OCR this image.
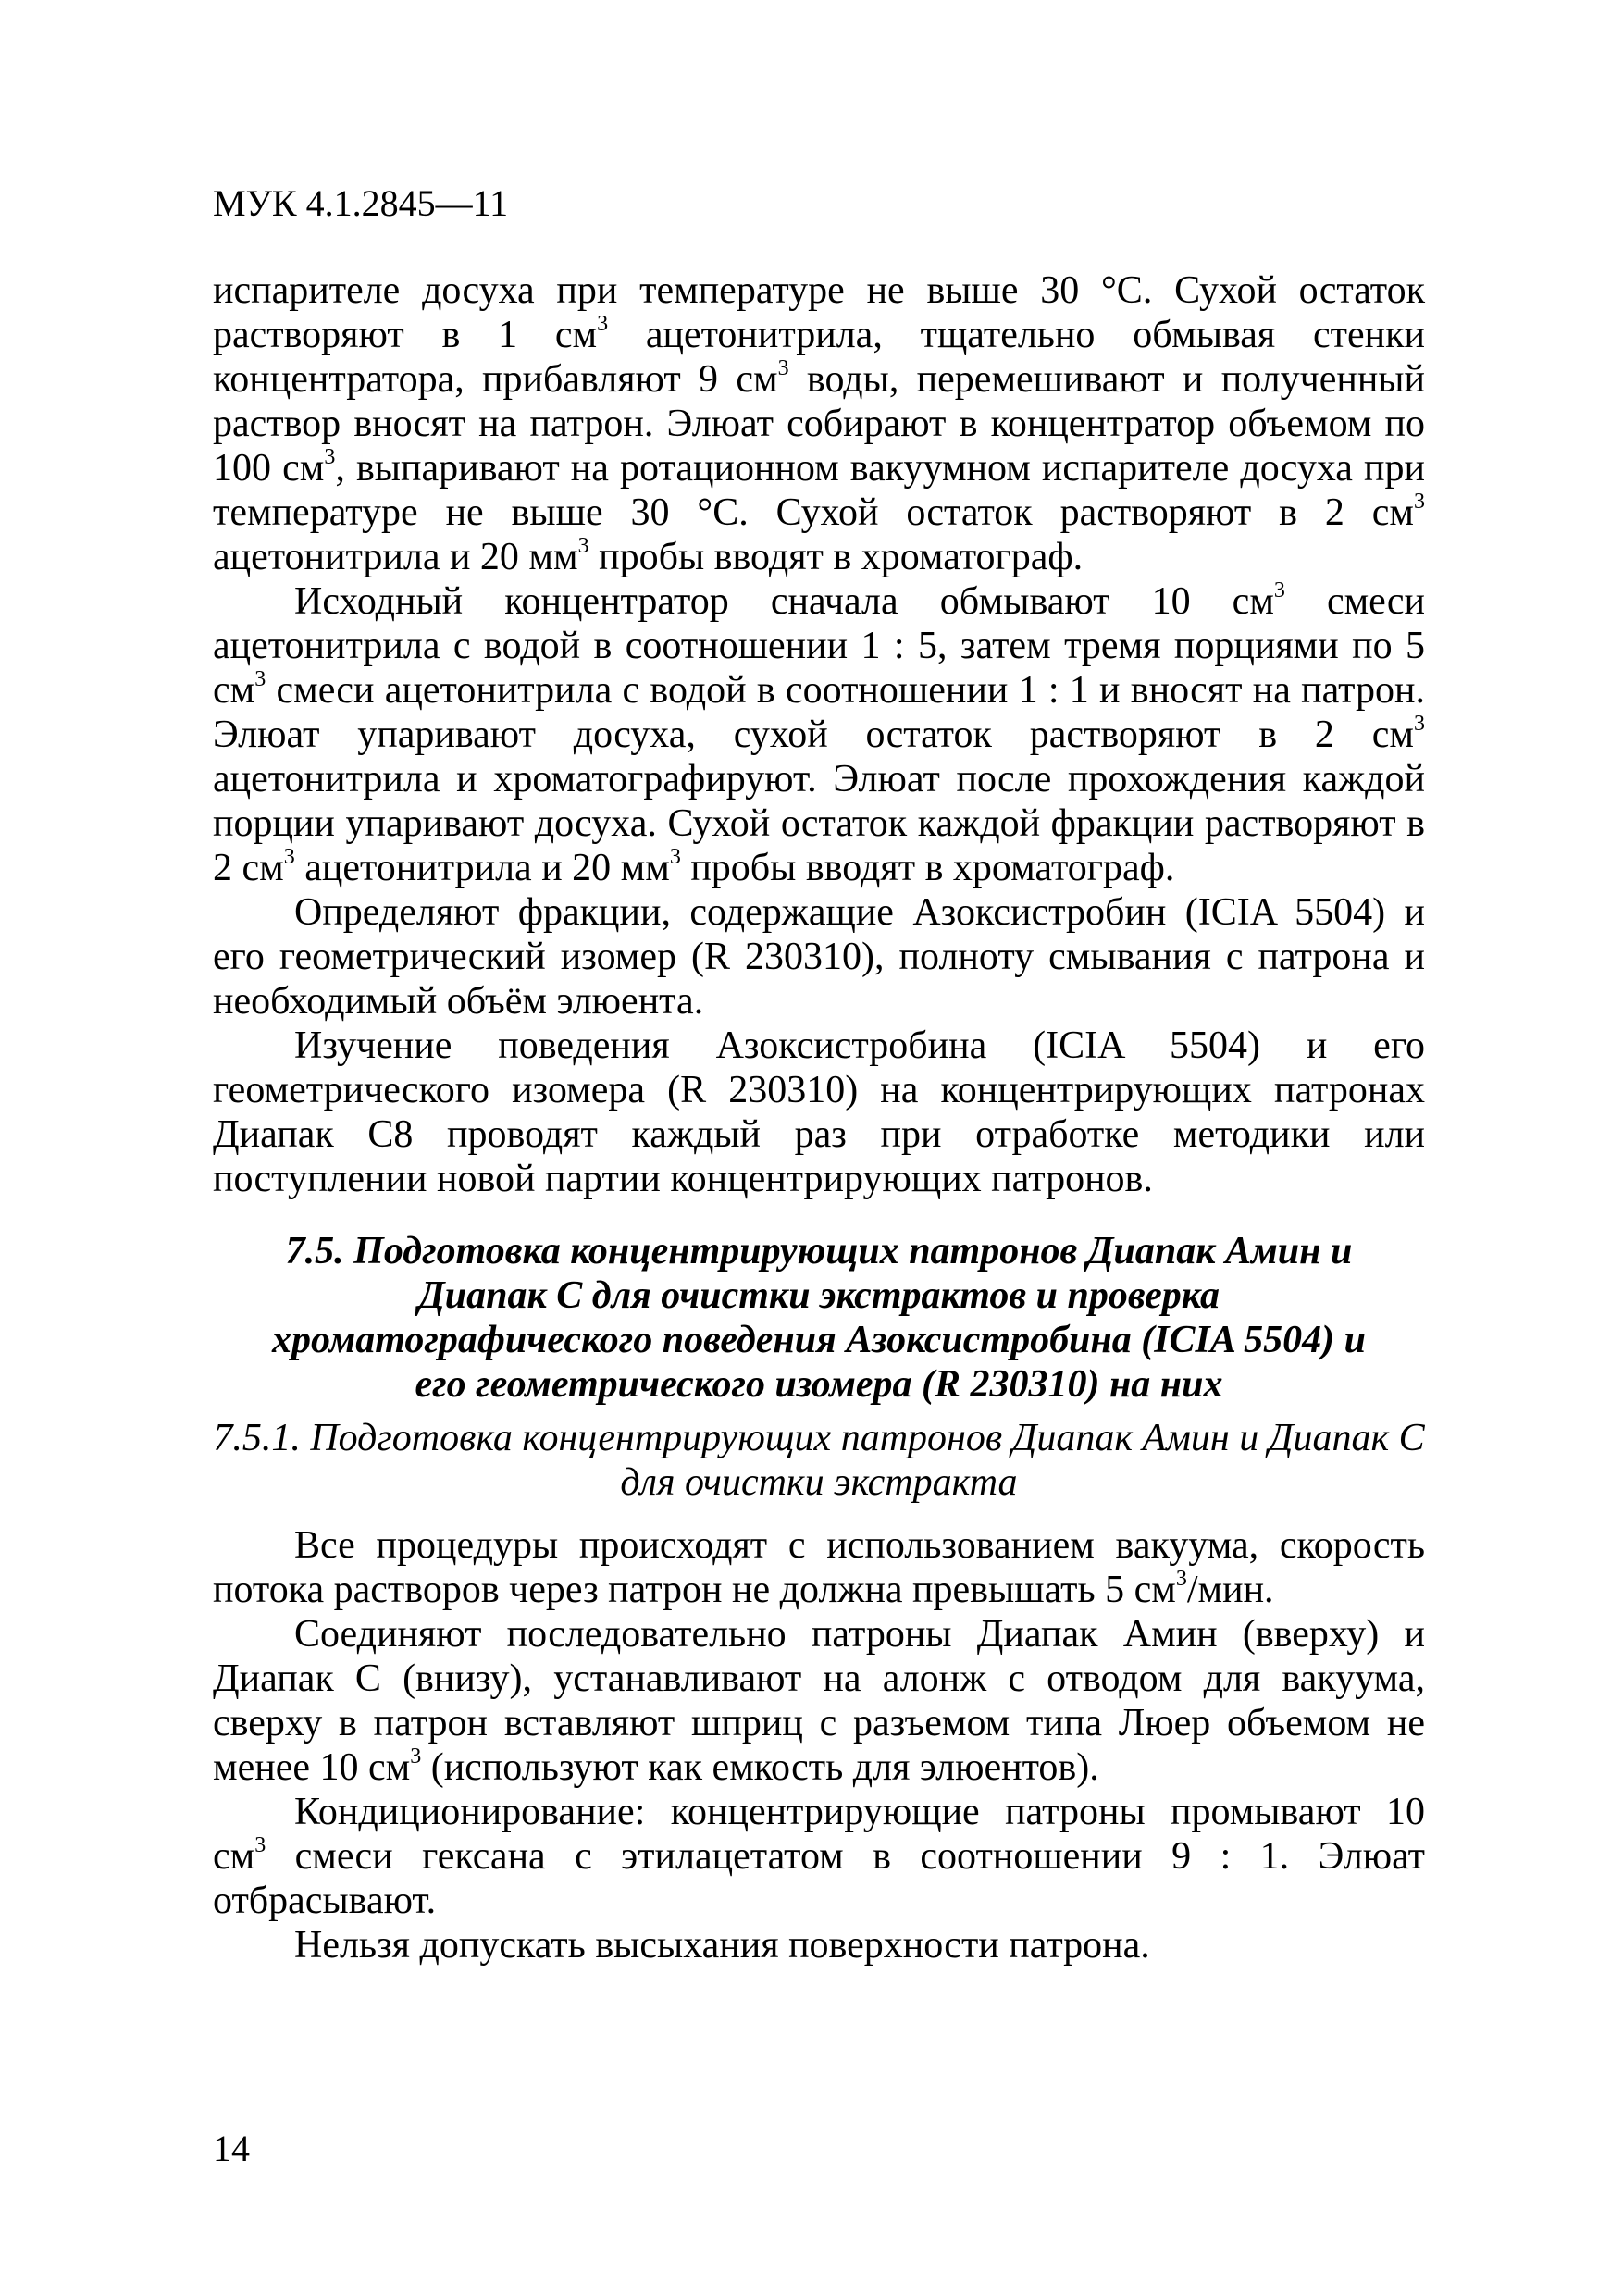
МУК 4.1.2845—11

испарителе досуха при температуре не выше 30 °С. Сухой остаток растворяют в 1 $см^3$ ацетонитрила, тщательно обмывая стенки концентратора, прибавляют 9 $см^3$ воды, перемешивают и полученный раствор вносят на патрон. Элюат собирают в концентратор объемом по 100 $см^3$, выпаривают на ротационном вакуумном испарителе досуха при температуре не выше 30 °С. Сухой остаток растворяют в 2 $см^3$ ацетонитрила и 20 $мм^3$ пробы вводят в хроматограф.

Исходный концентратор сначала обмывают 10 $см^3$ смеси ацетонитрила с водой в соотношении 1 : 5, затем тремя порциями по 5 $см^3$ смеси ацетонитрила с водой в соотношении 1 : 1 и вносят на патрон. Элюат упаривают досуха, сухой остаток растворяют в 2 $см^3$ ацетонитрила и хроматографируют. Элюат после прохождения каждой порции упаривают досуха. Сухой остаток каждой фракции растворяют в 2 $см^3$ ацетонитрила и 20 $мм^3$ пробы вводят в хроматограф.

Определяют фракции, содержащие Азоксистробин (ICIA 5504) и его геометрический изомер (R 230310), полноту смывания с патрона и необходимый объём элюента.

Изучение поведения Азоксистробина (ICIA 5504) и его геометрического изомера (R 230310) на концентрирующих патронах Диапак С8 проводят каждый раз при отработке методики или поступлении новой партии концентрирующих патронов.

7.5. Подготовка концентрирующих патронов Диапак Амин и
Диапак С для очистки экстрактов и проверка
хроматографического поведения Азоксистробина (ICIA 5504) и
его геометрического изомера (R 230310) на них
7.5.1. Подготовка концентрирующих патронов Диапак Амин и Диапак С
для очистки экстракта

Все процедуры происходят с использованием вакуума, скорость потока растворов через патрон не должна превышать 5 $см^3$/мин.

Соединяют последовательно патроны Диапак Амин (вверху) и Диапак С (внизу), устанавливают на алонж с отводом для вакуума, сверху в патрон вставляют шприц с разъемом типа Люер объемом не менее 10 $см^3$ (используют как емкость для элюентов).

Кондиционирование: концентрирующие патроны промывают 10 $см^3$ смеси гексана с этилацетатом в соотношении 9 : 1. Элюат отбрасывают.

Нельзя допускать высыхания поверхности патрона.

14
